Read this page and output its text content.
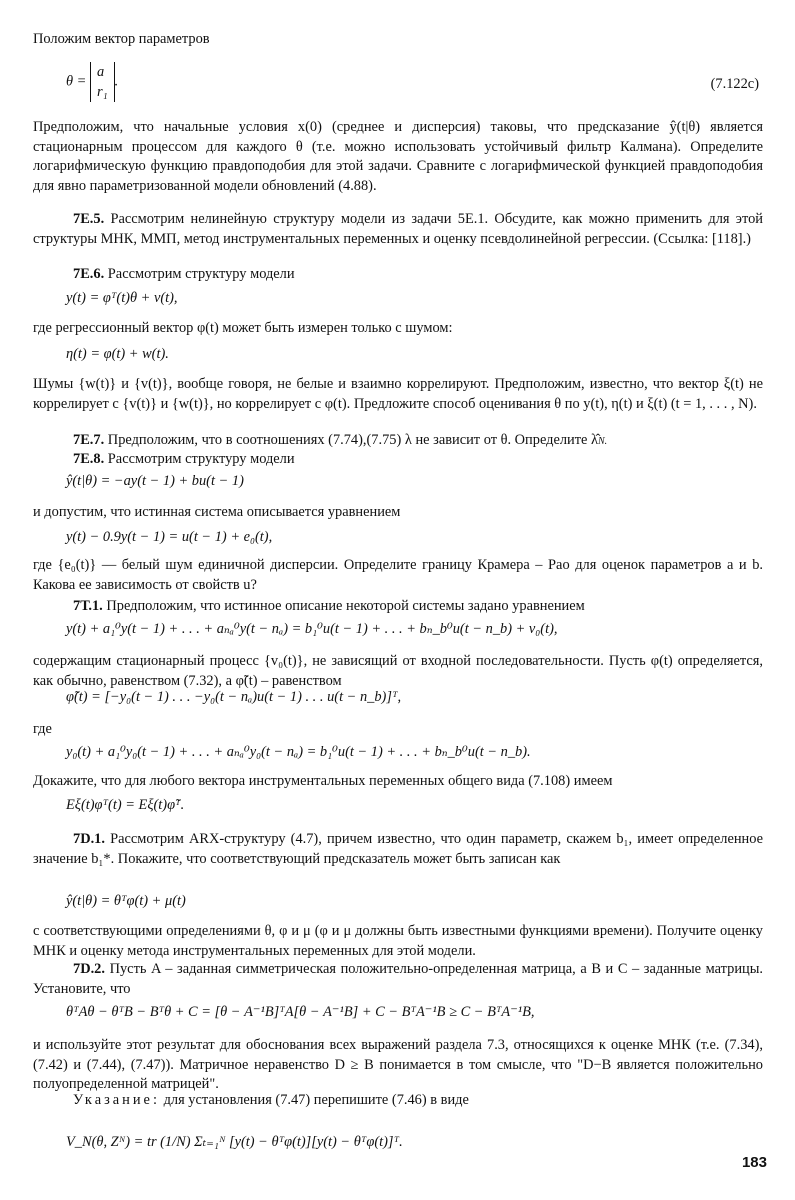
Положим вектор параметров

θ =
a
r₁
.	(7.122c)

Предположим, что начальные условия x(0) (среднее и дисперсия) таковы, что предсказание ŷ(t|θ) является стационарным процессом для каждого θ (т.е. можно использовать устойчивый фильтр Калмана). Определите логарифмическую функцию правдоподобия для этой задачи. Сравните с логарифмической функцией правдоподобия для явно параметризованной модели обновлений (4.88).

7Е.5. Рассмотрим нелинейную структуру модели из задачи 5Е.1. Обсудите, как можно применить для этой структуры МНК, ММП, метод инструментальных переменных и оценку псевдолинейной регрессии. (Ссылка: [118].)

7Е.6. Рассмотрим структуру модели

y(t) = φᵀ(t)θ + v(t),

где регрессионный вектор φ(t) может быть измерен только с шумом:

η(t) = φ(t) + w(t).

Шумы {w(t)} и {v(t)}, вообще говоря, не белые и взаимно коррелируют. Предположим, известно, что вектор ξ(t) не коррелирует с {v(t)} и {w(t)}, но коррелирует с φ(t). Предложите способ оценивания θ по y(t), η(t) и ξ(t) (t = 1, . . . , N).

7Е.7. Предположим, что в соотношениях (7.74),(7.75) λ не зависит от θ. Определите λ̂N.

7Е.8. Рассмотрим структуру модели

ŷ(t|θ) = −ay(t − 1) + bu(t − 1)

и допустим, что истинная система описывается уравнением

y(t) − 0.9y(t − 1) = u(t − 1) + e₀(t),

где {e₀(t)} — белый шум единичной дисперсии. Определите границу Крамера – Рао для оценок параметров a и b. Какова ее зависимость от свойств u?

7Т.1. Предположим, что истинное описание некоторой системы задано уравнением

y(t) + a₁⁰y(t − 1) + . . . + aₙₐ⁰y(t − nₐ) = b₁⁰u(t − 1) + . . . + bₙ_b⁰u(t − n_b) + v₀(t),

содержащим стационарный процесс {v₀(t)}, не зависящий от входной последовательности. Пусть φ(t) определяется, как обычно, равенством (7.32), а φ̃(t) – равенством

φ̃(t) = [−y₀(t − 1) . . . −y₀(t − nₐ)u(t − 1) . . . u(t − n_b)]ᵀ,

где

y₀(t) + a₁⁰y₀(t − 1) + . . . + aₙₐ⁰y₀(t − nₐ) = b₁⁰u(t − 1) + . . . + bₙ_b⁰u(t − n_b).

Докажите, что для любого вектора инструментальных переменных общего вида (7.108) имеем

Eξ(t)φᵀ(t) = Eξ(t)φ̃ᵀ.

7D.1. Рассмотрим ARX-структуру (4.7), причем известно, что один параметр, скажем b₁, имеет определенное значение b₁*. Покажите, что соответствующий предсказатель может быть записан как

ŷ(t|θ) = θᵀφ(t) + μ(t)

с соответствующими определениями θ, φ и μ (φ и μ должны быть известными функциями времени). Получите оценку МНК и оценку метода инструментальных переменных для этой модели.

7D.2. Пусть A – заданная симметрическая положительно-определенная матрица, а B и C – заданные матрицы. Установите, что

θᵀAθ − θᵀB − Bᵀθ + C = [θ − A⁻¹B]ᵀA[θ − A⁻¹B] + C − BᵀA⁻¹B ≥ C − BᵀA⁻¹B,

и используйте этот результат для обоснования всех выражений раздела 7.3, относящихся к оценке МНК (т.е. (7.34), (7.42) и (7.44), (7.47)). Матричное неравенство D ≥ B понимается в том смысле, что "D−B является положительно полуопределенной матрицей".

Указание: для установления (7.47) перепишите (7.46) в виде

V_N(θ, Zᴺ) = tr (1/N) Σₜ₌₁ᴺ [y(t) − θᵀφ(t)][y(t) − θᵀφ(t)]ᵀ.
183
